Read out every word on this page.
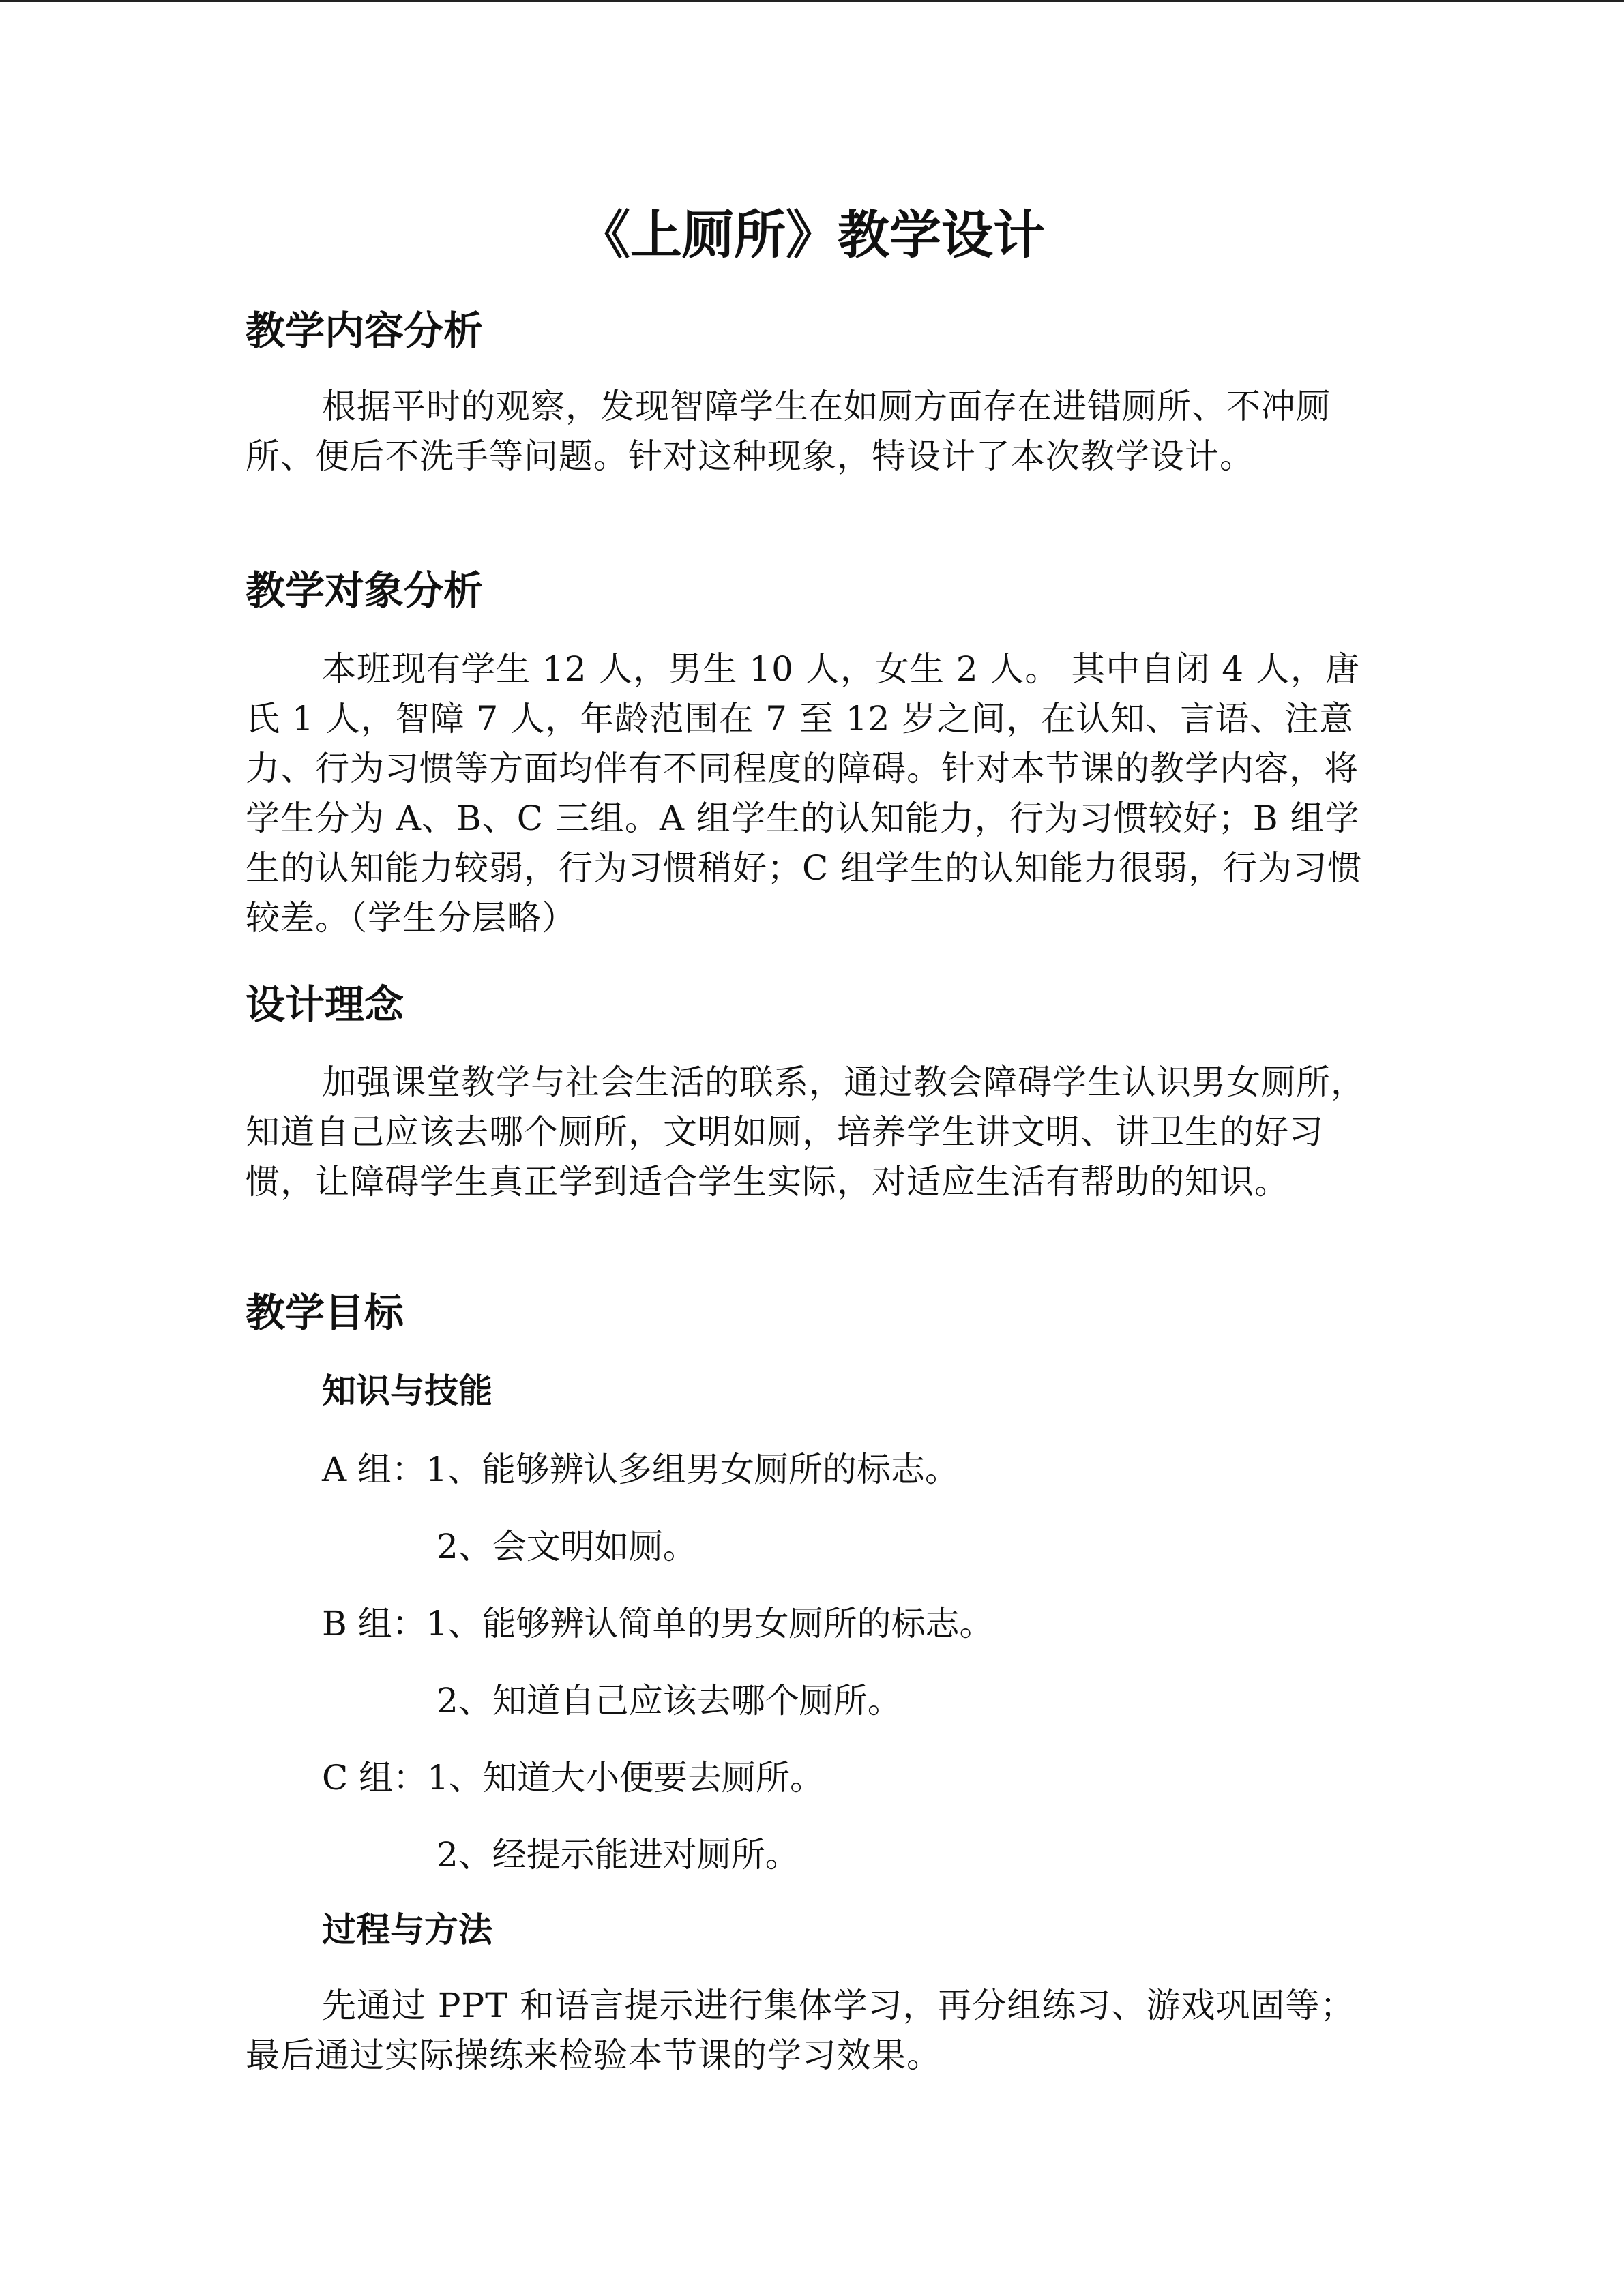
《上厕所》教学设计
教学内容分析

根据平时的观察，发现智障学生在如厕方面存在进错厕所、不冲厕所、便后不洗手等问题。针对这种现象，特设计了本次教学设计。

教学对象分析

本班现有学生 12 人，男生 10 人，女生 2 人。 其中自闭 4 人，唐氏 1 人，智障 7 人，年龄范围在 7 至 12 岁之间，在认知、言语、注意力、行为习惯等方面均伴有不同程度的障碍。针对本节课的教学内容，将学生分为 A、B、C 三组。A 组学生的认知能力，行为习惯较好；B 组学生的认知能力较弱，行为习惯稍好；C 组学生的认知能力很弱，行为习惯较差。（学生分层略）

设计理念

加强课堂教学与社会生活的联系，通过教会障碍学生认识男女厕所，知道自己应该去哪个厕所，文明如厕，培养学生讲文明、讲卫生的好习惯，让障碍学生真正学到适合学生实际，对适应生活有帮助的知识。

教学目标
知识与技能

A 组：1、能够辨认多组男女厕所的标志。

2、会文明如厕。

B 组：1、能够辨认简单的男女厕所的标志。

2、知道自己应该去哪个厕所。

C 组：1、知道大小便要去厕所。

2、经提示能进对厕所。

过程与方法

先通过 PPT 和语言提示进行集体学习，再分组练习、游戏巩固等；最后通过实际操练来检验本节课的学习效果。
